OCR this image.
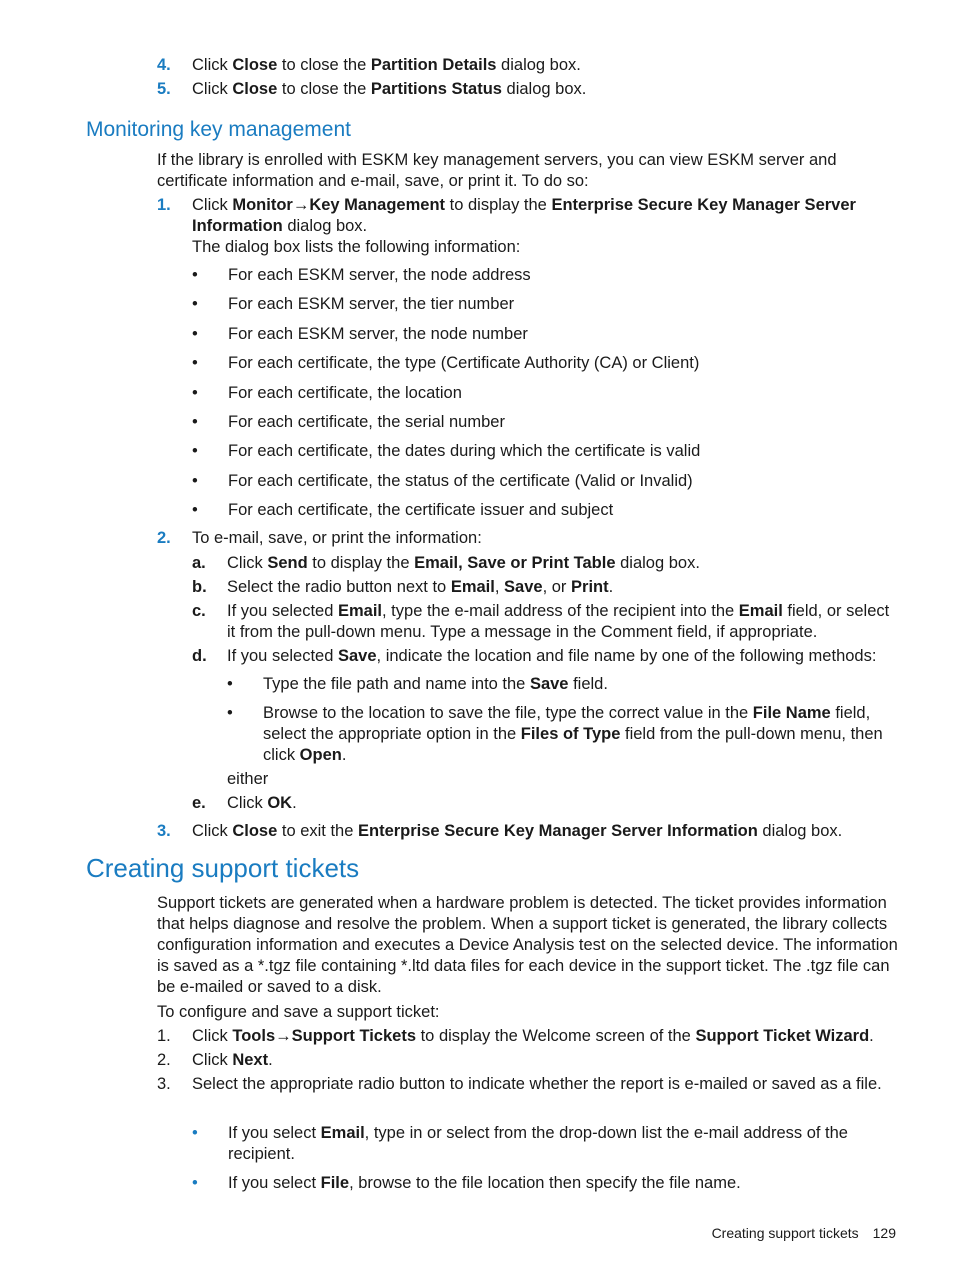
4. Click Close to close the Partition Details dialog box.
5. Click Close to close the Partitions Status dialog box.
Monitoring key management
If the library is enrolled with ESKM key management servers, you can view ESKM server and certificate information and e-mail, save, or print it. To do so:
1. Click Monitor→Key Management to display the Enterprise Secure Key Manager Server Information dialog box.
The dialog box lists the following information:
• For each ESKM server, the node address
• For each ESKM server, the tier number
• For each ESKM server, the node number
• For each certificate, the type (Certificate Authority (CA) or Client)
• For each certificate, the location
• For each certificate, the serial number
• For each certificate, the dates during which the certificate is valid
• For each certificate, the status of the certificate (Valid or Invalid)
• For each certificate, the certificate issuer and subject
2. To e-mail, save, or print the information:
a. Click Send to display the Email, Save or Print Table dialog box.
b. Select the radio button next to Email, Save, or Print.
c. If you selected Email, type the e-mail address of the recipient into the Email field, or select it from the pull-down menu. Type a message in the Comment field, if appropriate.
d. If you selected Save, indicate the location and file name by one of the following methods:
• Type the file path and name into the Save field.
• Browse to the location to save the file, type the correct value in the File Name field, select the appropriate option in the Files of Type field from the pull-down menu, then click Open.
either
e. Click OK.
3. Click Close to exit the Enterprise Secure Key Manager Server Information dialog box.
Creating support tickets
Support tickets are generated when a hardware problem is detected. The ticket provides information that helps diagnose and resolve the problem. When a support ticket is generated, the library collects configuration information and executes a Device Analysis test on the selected device. The information is saved as a *.tgz file containing *.ltd data files for each device in the support ticket. The .tgz file can be e-mailed or saved to a disk.
To configure and save a support ticket:
1. Click Tools→Support Tickets to display the Welcome screen of the Support Ticket Wizard.
2. Click Next.
3. Select the appropriate radio button to indicate whether the report is e-mailed or saved as a file.
• If you select Email, type in or select from the drop-down list the e-mail address of the recipient.
• If you select File, browse to the file location then specify the file name.
Creating support tickets 129
